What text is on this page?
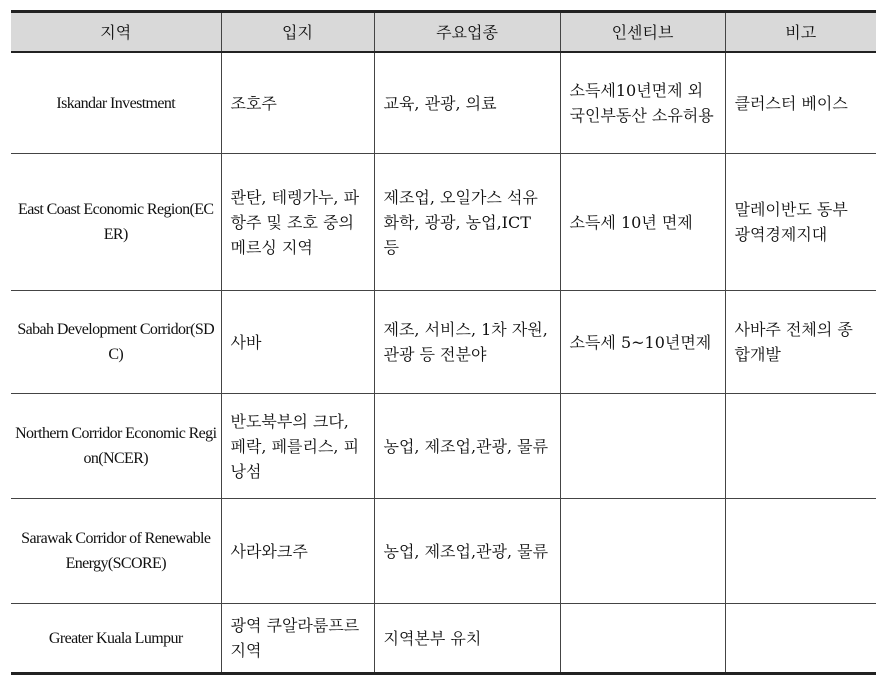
지역	입지	주요업종	인센티브	비고
Iskandar Investment	조호주	교육, 관광, 의료	소득세10년면제 외국인부동산 소유허용	클러스터 베이스
East Coast Economic Region(ECER)	콴탄, 테렝가누, 파항주 및 조호 중의 메르싱 지역	제조업, 오일가스 석유화학, 광광, 농업,ICT 등	소득세 10년 면제	말레이반도 동부 광역경제지대
Sabah Development Corridor(SDC)	사바	제조, 서비스, 1차 자원, 관광 등 전분야	소득세 5~10년면제	사바주 전체의 종합개발
Northern Corridor Economic Region(NCER)	반도북부의 크다, 페락, 페를리스, 피낭섬	농업, 제조업,관광, 물류		
Sarawak Corridor of Renewable Energy(SCORE)	사라와크주	농업, 제조업,관광, 물류		
Greater Kuala Lumpur	광역 쿠알라룸프르지역	지역본부 유치		
